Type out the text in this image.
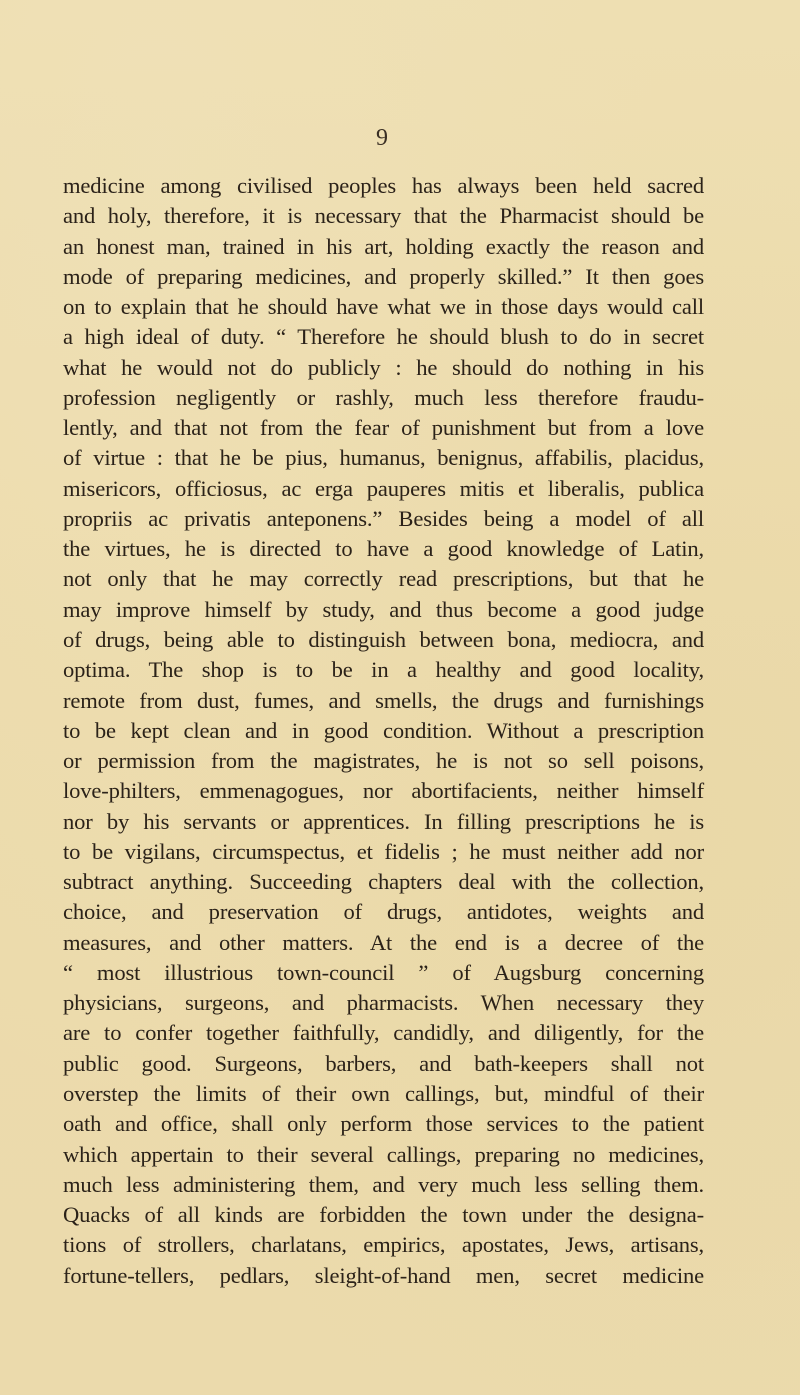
9
medicine among civilised peoples has always been held sacred
and holy, therefore, it is necessary that the Pharmacist should be
an honest man, trained in his art, holding exactly the reason and
mode of preparing medicines, and properly skilled.” It then goes
on to explain that he should have what we in those days would call
a high ideal of duty. “ Therefore he should blush to do in secret
what he would not do publicly : he should do nothing in his
profession negligently or rashly, much less therefore fraudu-
lently, and that not from the fear of punishment but from a love
of virtue : that he be pius, humanus, benignus, affabilis, placidus,
misericors, officiosus, ac erga pauperes mitis et liberalis, publica
propriis ac privatis anteponens.” Besides being a model of all
the virtues, he is directed to have a good knowledge of Latin,
not only that he may correctly read prescriptions, but that he
may improve himself by study, and thus become a good judge
of drugs, being able to distinguish between bona, mediocra, and
optima. The shop is to be in a healthy and good locality,
remote from dust, fumes, and smells, the drugs and furnishings
to be kept clean and in good condition. Without a prescription
or permission from the magistrates, he is not so sell poisons,
love-philters, emmenagogues, nor abortifacients, neither himself
nor by his servants or apprentices. In filling prescriptions he is
to be vigilans, circumspectus, et fidelis ; he must neither add nor
subtract anything. Succeeding chapters deal with the collection,
choice, and preservation of drugs, antidotes, weights and
measures, and other matters. At the end is a decree of the
“ most illustrious town-council ” of Augsburg concerning
physicians, surgeons, and pharmacists. When necessary they
are to confer together faithfully, candidly, and diligently, for the
public good. Surgeons, barbers, and bath-keepers shall not
overstep the limits of their own callings, but, mindful of their
oath and office, shall only perform those services to the patient
which appertain to their several callings, preparing no medicines,
much less administering them, and very much less selling them.
Quacks of all kinds are forbidden the town under the designa-
tions of strollers, charlatans, empirics, apostates, Jews, artisans,
fortune-tellers, pedlars, sleight-of-hand men, secret medicine
